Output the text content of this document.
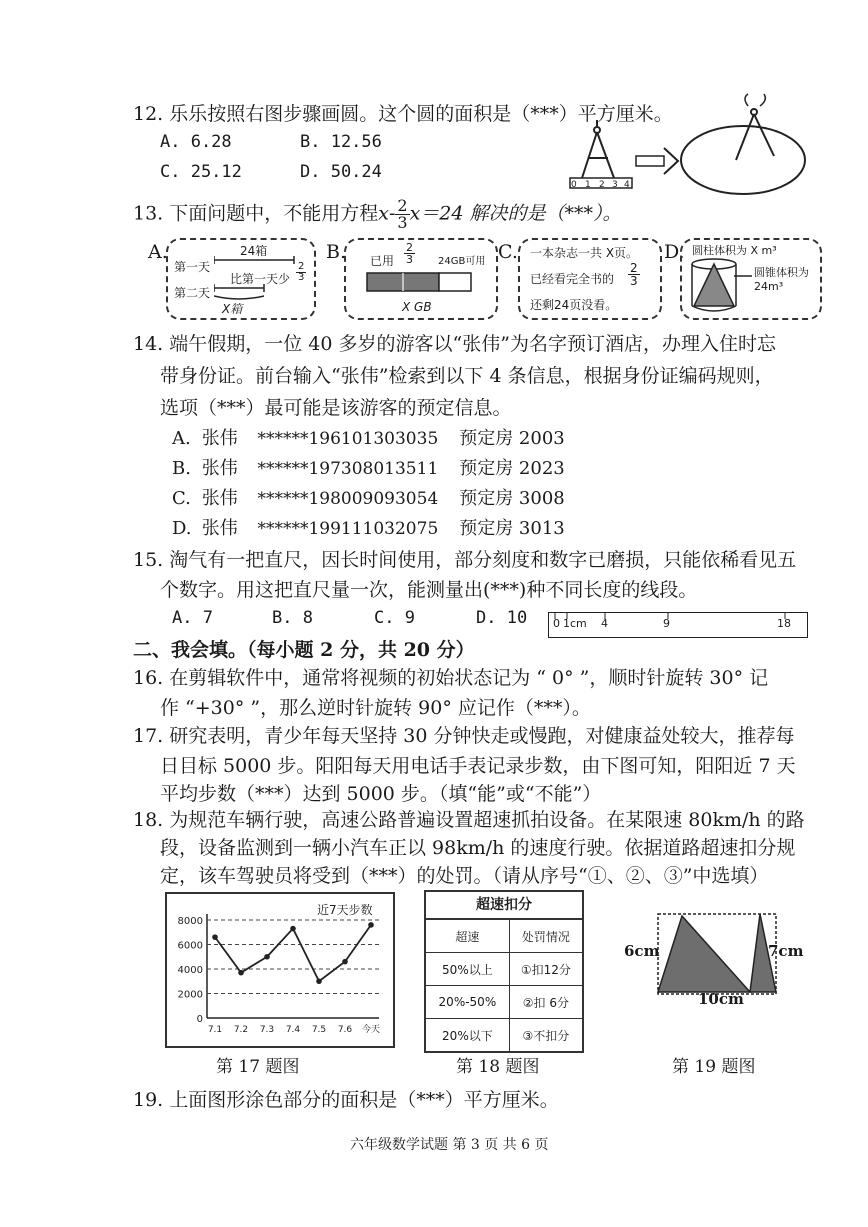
12. 乐乐按照右图步骤画圆。这个圆的面积是（***）平方厘米。
A. 6.28	B. 12.56
C. 25.12	D. 50.24
0 1 2 3 4
13. 下面问题中，不能用方程$x- \frac{2}{3} x=24$ 解决的是（***）。
A.	24箱
第一天
第二天
比第一天少 $\frac{2}{3}$
X箱
B. 已用 $\frac{2}{3} 24GB$可用
X GB
C. 一本杂志一共 X页。
已经看完全书的 $\frac{2}{3}$
还剩24页没看。
D. 圆柱体积为 X m³
圆锥体积为24m³
14. 端午假期，一位 40 多岁的游客以“张伟”为名字预订酒店，办理入住时忘
带身份证。前台输入“张伟”检索到以下 4 条信息，根据身份证编码规则，
选项（***）最可能是该游客的预定信息。
A. 张伟 ******196101303035 预定房 2003
B. 张伟 ******197308013511 预定房 2023
C. 张伟 ******198009093054 预定房 3008
D. 张伟 ******199111032075 预定房 3013
15. 淘气有一把直尺，因长时间使用，部分刻度和数字已磨损，只能依稀看见五
个数字。用这把直尺量一次，能测量出(***)种不同长度的线段。
A. 7	B. 8	C. 9	D. 10 0 1cm 4	9	18
二、我会填。（每小题 2 分，共 20 分）
16. 在剪辑软件中，通常将视频的初始状态记为 “ 0° ”，顺时针旋转 30° 记
作 “+30° ”，那么逆时针旋转 90° 应记作（***）。
17. 研究表明，青少年每天坚持 30 分钟快走或慢跑，对健康益处较大，推荐每
日目标 5000 步。阳阳每天用电话手表记录步数，由下图可知，阳阳近 7 天
平均步数（***）达到 5000 步。（填“能”或“不能”）
18. 为规范车辆行驶，高速公路普遍设置超速抓拍设备。在某限速 80km/h 的路
段，设备监测到一辆小汽车正以 98km/h 的速度行驶。依据道路超速扣分规
定，该车驾驶员将受到（***）的处罚。（请从序号“①、②、③”中选填）
近7天步数
0
2000
4000
6000
8000
7.1 7.2 7.3 7.4 7.5 7.6 今天
第 17 题图
超速扣分
超速	处罚情况
50%以上	①扣12分
20%-50%	②扣 6分
20%以下	③不扣分
第 18 题图
6cm	7cm
10cm
第 19 题图
19. 上面图形涂色部分的面积是（***）平方厘米。
六年级数学试题 第 3 页 共 6 页
